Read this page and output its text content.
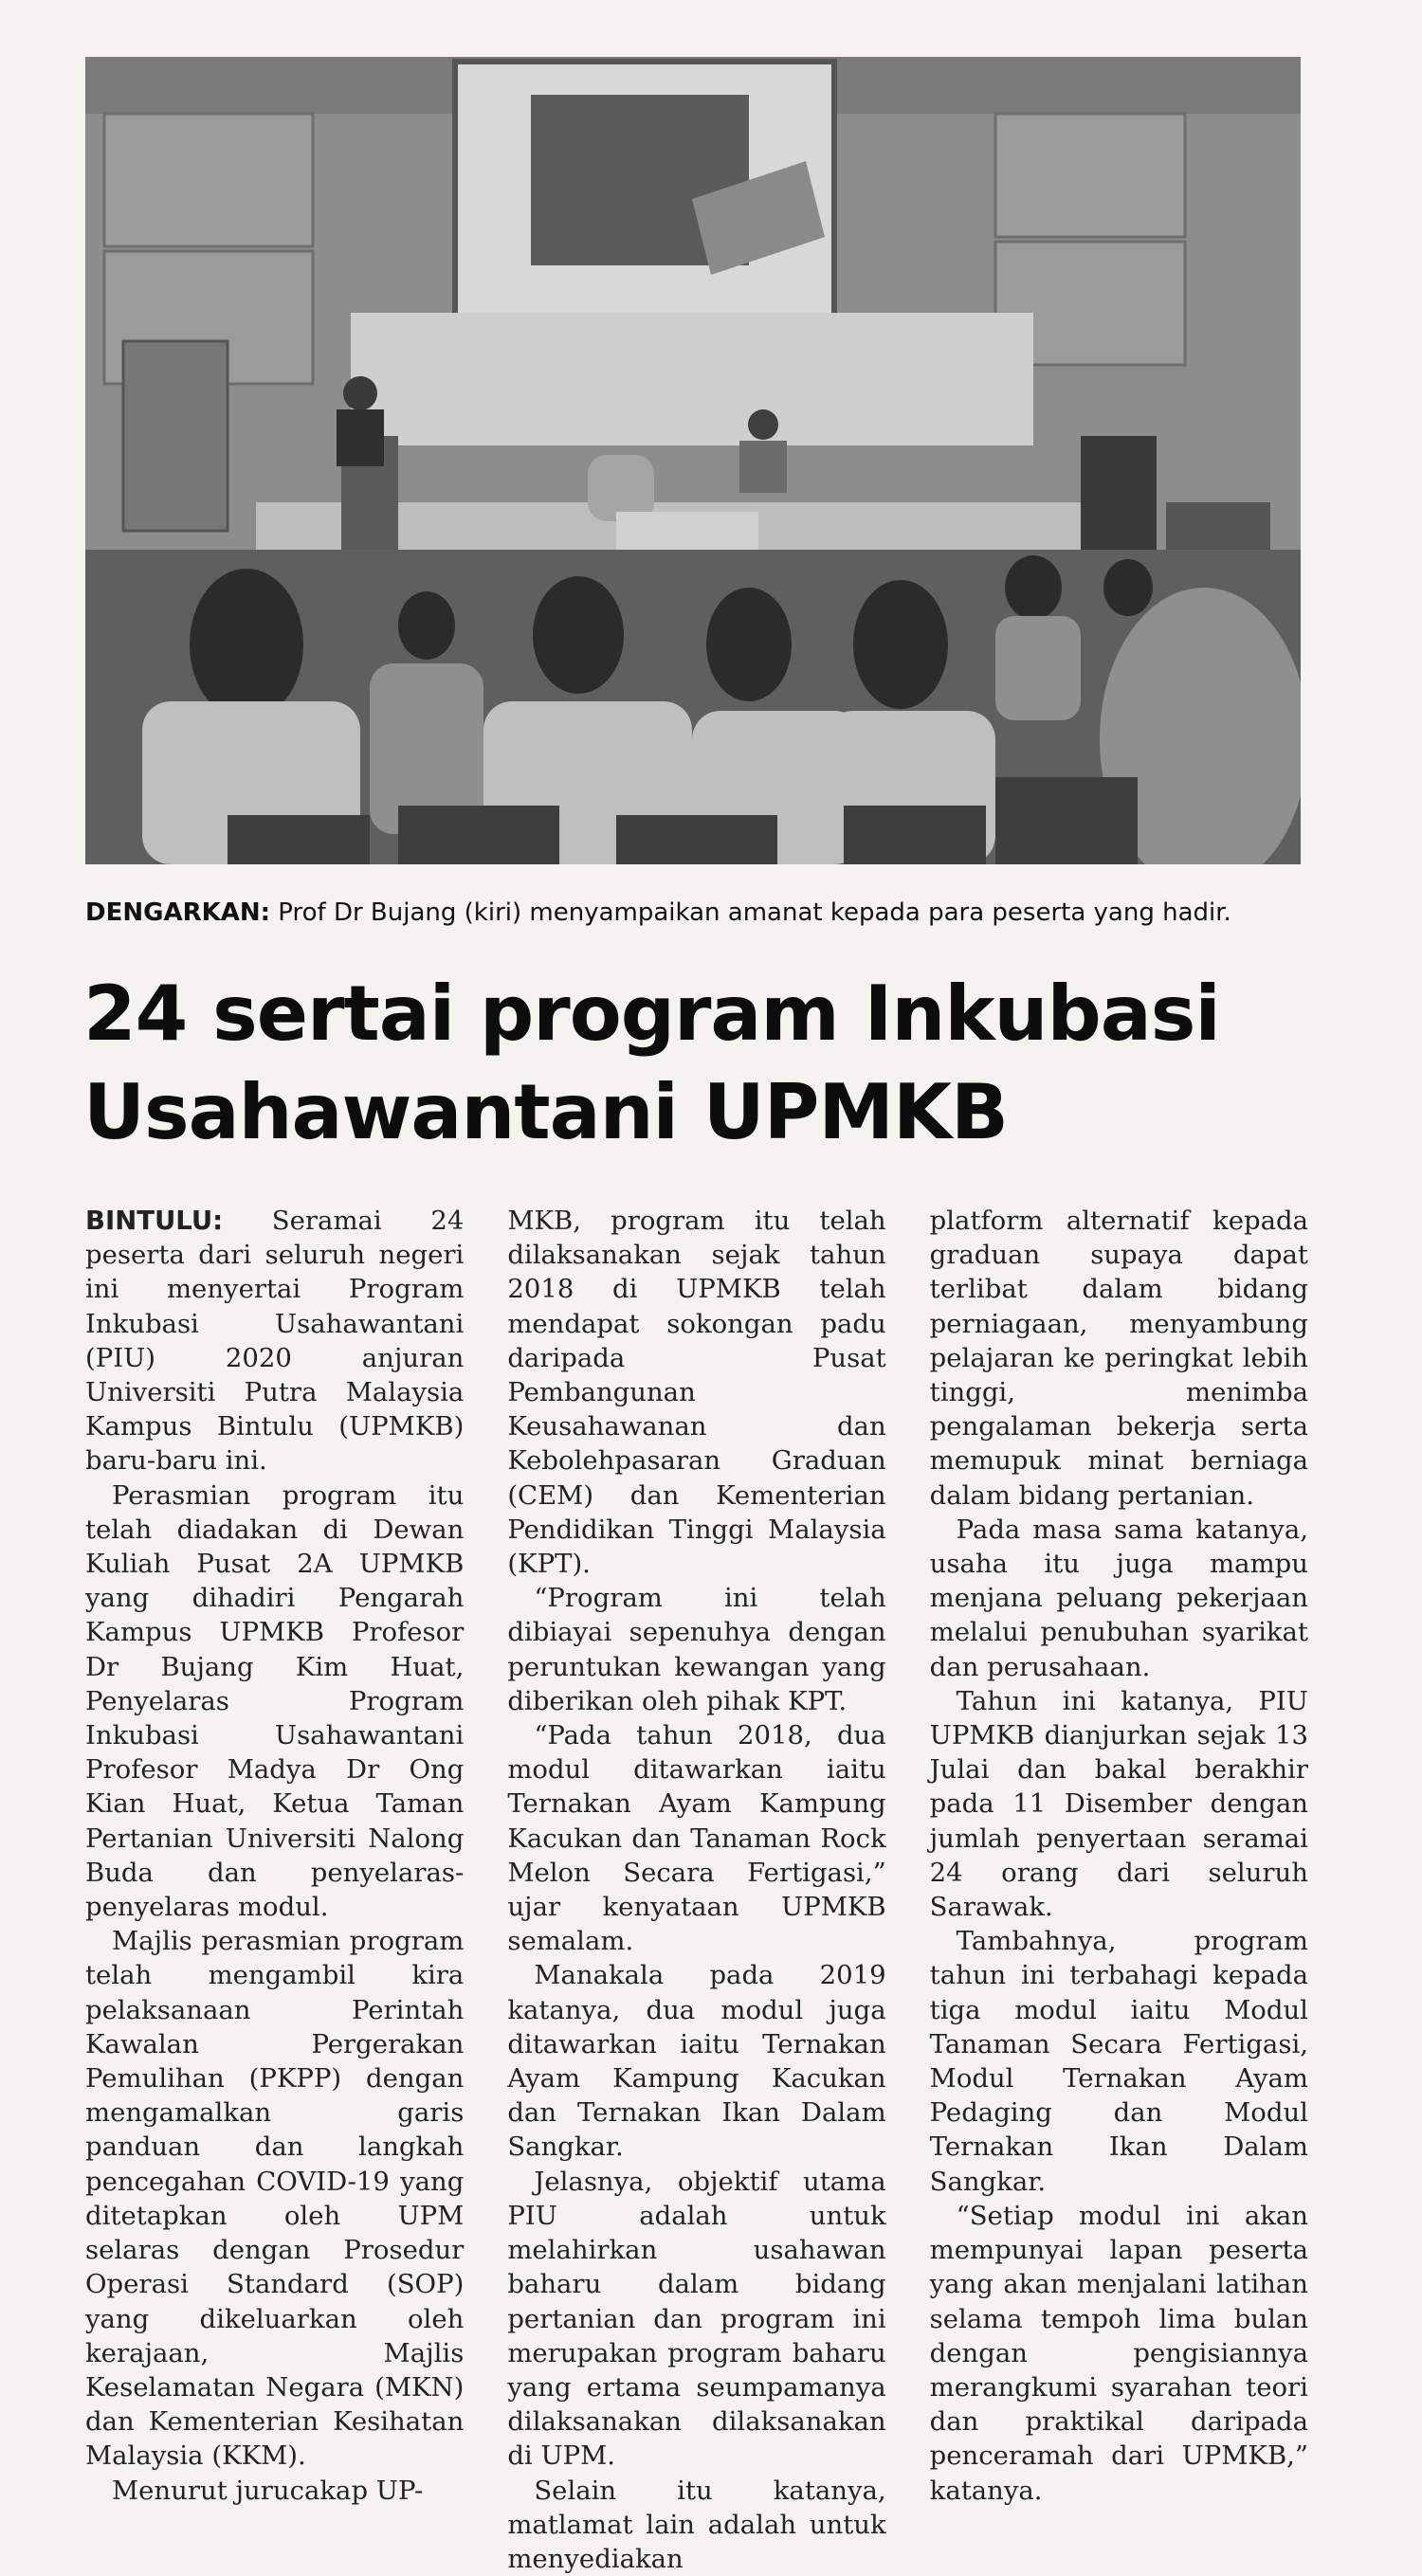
DENGARKAN: Prof Dr Bujang (kiri) menyampaikan amanat kepada para peserta yang hadir.
24 sertai program Inkubasi
Usahawantani UPMKB

BINTULU: Seramai 24 peserta dari seluruh negeri ini menyertai Program Inkubasi Usahawantani (PIU) 2020 anjuran Universiti Putra Malaysia Kampus Bintulu (UPMKB) baru-baru ini.

Perasmian program itu telah diadakan di Dewan Kuliah Pusat 2A UPMKB yang dihadiri Pengarah Kampus UPMKB Profesor Dr Bujang Kim Huat, Penyelaras Program Inkubasi Usahawantani Profesor Madya Dr Ong Kian Huat, Ketua Taman Pertanian Universiti Nalong Buda dan penyelaras-penyelaras modul.

Majlis perasmian program telah mengambil kira pelaksanaan Perintah Kawalan Pergerakan Pemulihan (PKPP) dengan mengamalkan garis panduan dan langkah pencegahan COVID-19 yang ditetapkan oleh UPM selaras dengan Prosedur Operasi Standard (SOP) yang dikeluarkan oleh kerajaan, Majlis Keselamatan Negara (MKN) dan Kementerian Kesihatan Malaysia (KKM).

Menurut jurucakap UP-

MKB, program itu telah dilaksanakan sejak tahun 2018 di UPMKB telah mendapat sokongan padu daripada Pusat Pembangunan Keusahawanan dan Kebolehpasaran Graduan (CEM) dan Kementerian Pendidikan Tinggi Malaysia (KPT).

“Program ini telah dibiayai sepenuhya dengan peruntukan kewangan yang diberikan oleh pihak KPT.

“Pada tahun 2018, dua modul ditawarkan iaitu Ternakan Ayam Kampung Kacukan dan Tanaman Rock Melon Secara Fertigasi,” ujar kenyataan UPMKB semalam.

Manakala pada 2019 katanya, dua modul juga ditawarkan iaitu Ternakan Ayam Kampung Kacukan dan Ternakan Ikan Dalam Sangkar.

Jelasnya, objektif utama PIU adalah untuk melahirkan usahawan baharu dalam bidang pertanian dan program ini merupakan program baharu yang ertama seumpamanya dilaksanakan dilaksanakan di UPM.

Selain itu katanya, matlamat lain adalah untuk menyediakan

platform alternatif kepada graduan supaya dapat terlibat dalam bidang perniagaan, menyambung pelajaran ke peringkat lebih tinggi, menimba pengalaman bekerja serta memupuk minat berniaga dalam bidang pertanian.

Pada masa sama katanya, usaha itu juga mampu menjana peluang pekerjaan melalui penubuhan syarikat dan perusahaan.

Tahun ini katanya, PIU UPMKB dianjurkan sejak 13 Julai dan bakal berakhir pada 11 Disember dengan jumlah penyertaan seramai 24 orang dari seluruh Sarawak.

Tambahnya, program tahun ini terbahagi kepada tiga modul iaitu Modul Tanaman Secara Fertigasi, Modul Ternakan Ayam Pedaging dan Modul Ternakan Ikan Dalam Sangkar.

“Setiap modul ini akan mempunyai lapan peserta yang akan menjalani latihan selama tempoh lima bulan dengan pengisiannya merangkumi syarahan teori dan praktikal daripada penceramah dari UPMKB,” katanya.
